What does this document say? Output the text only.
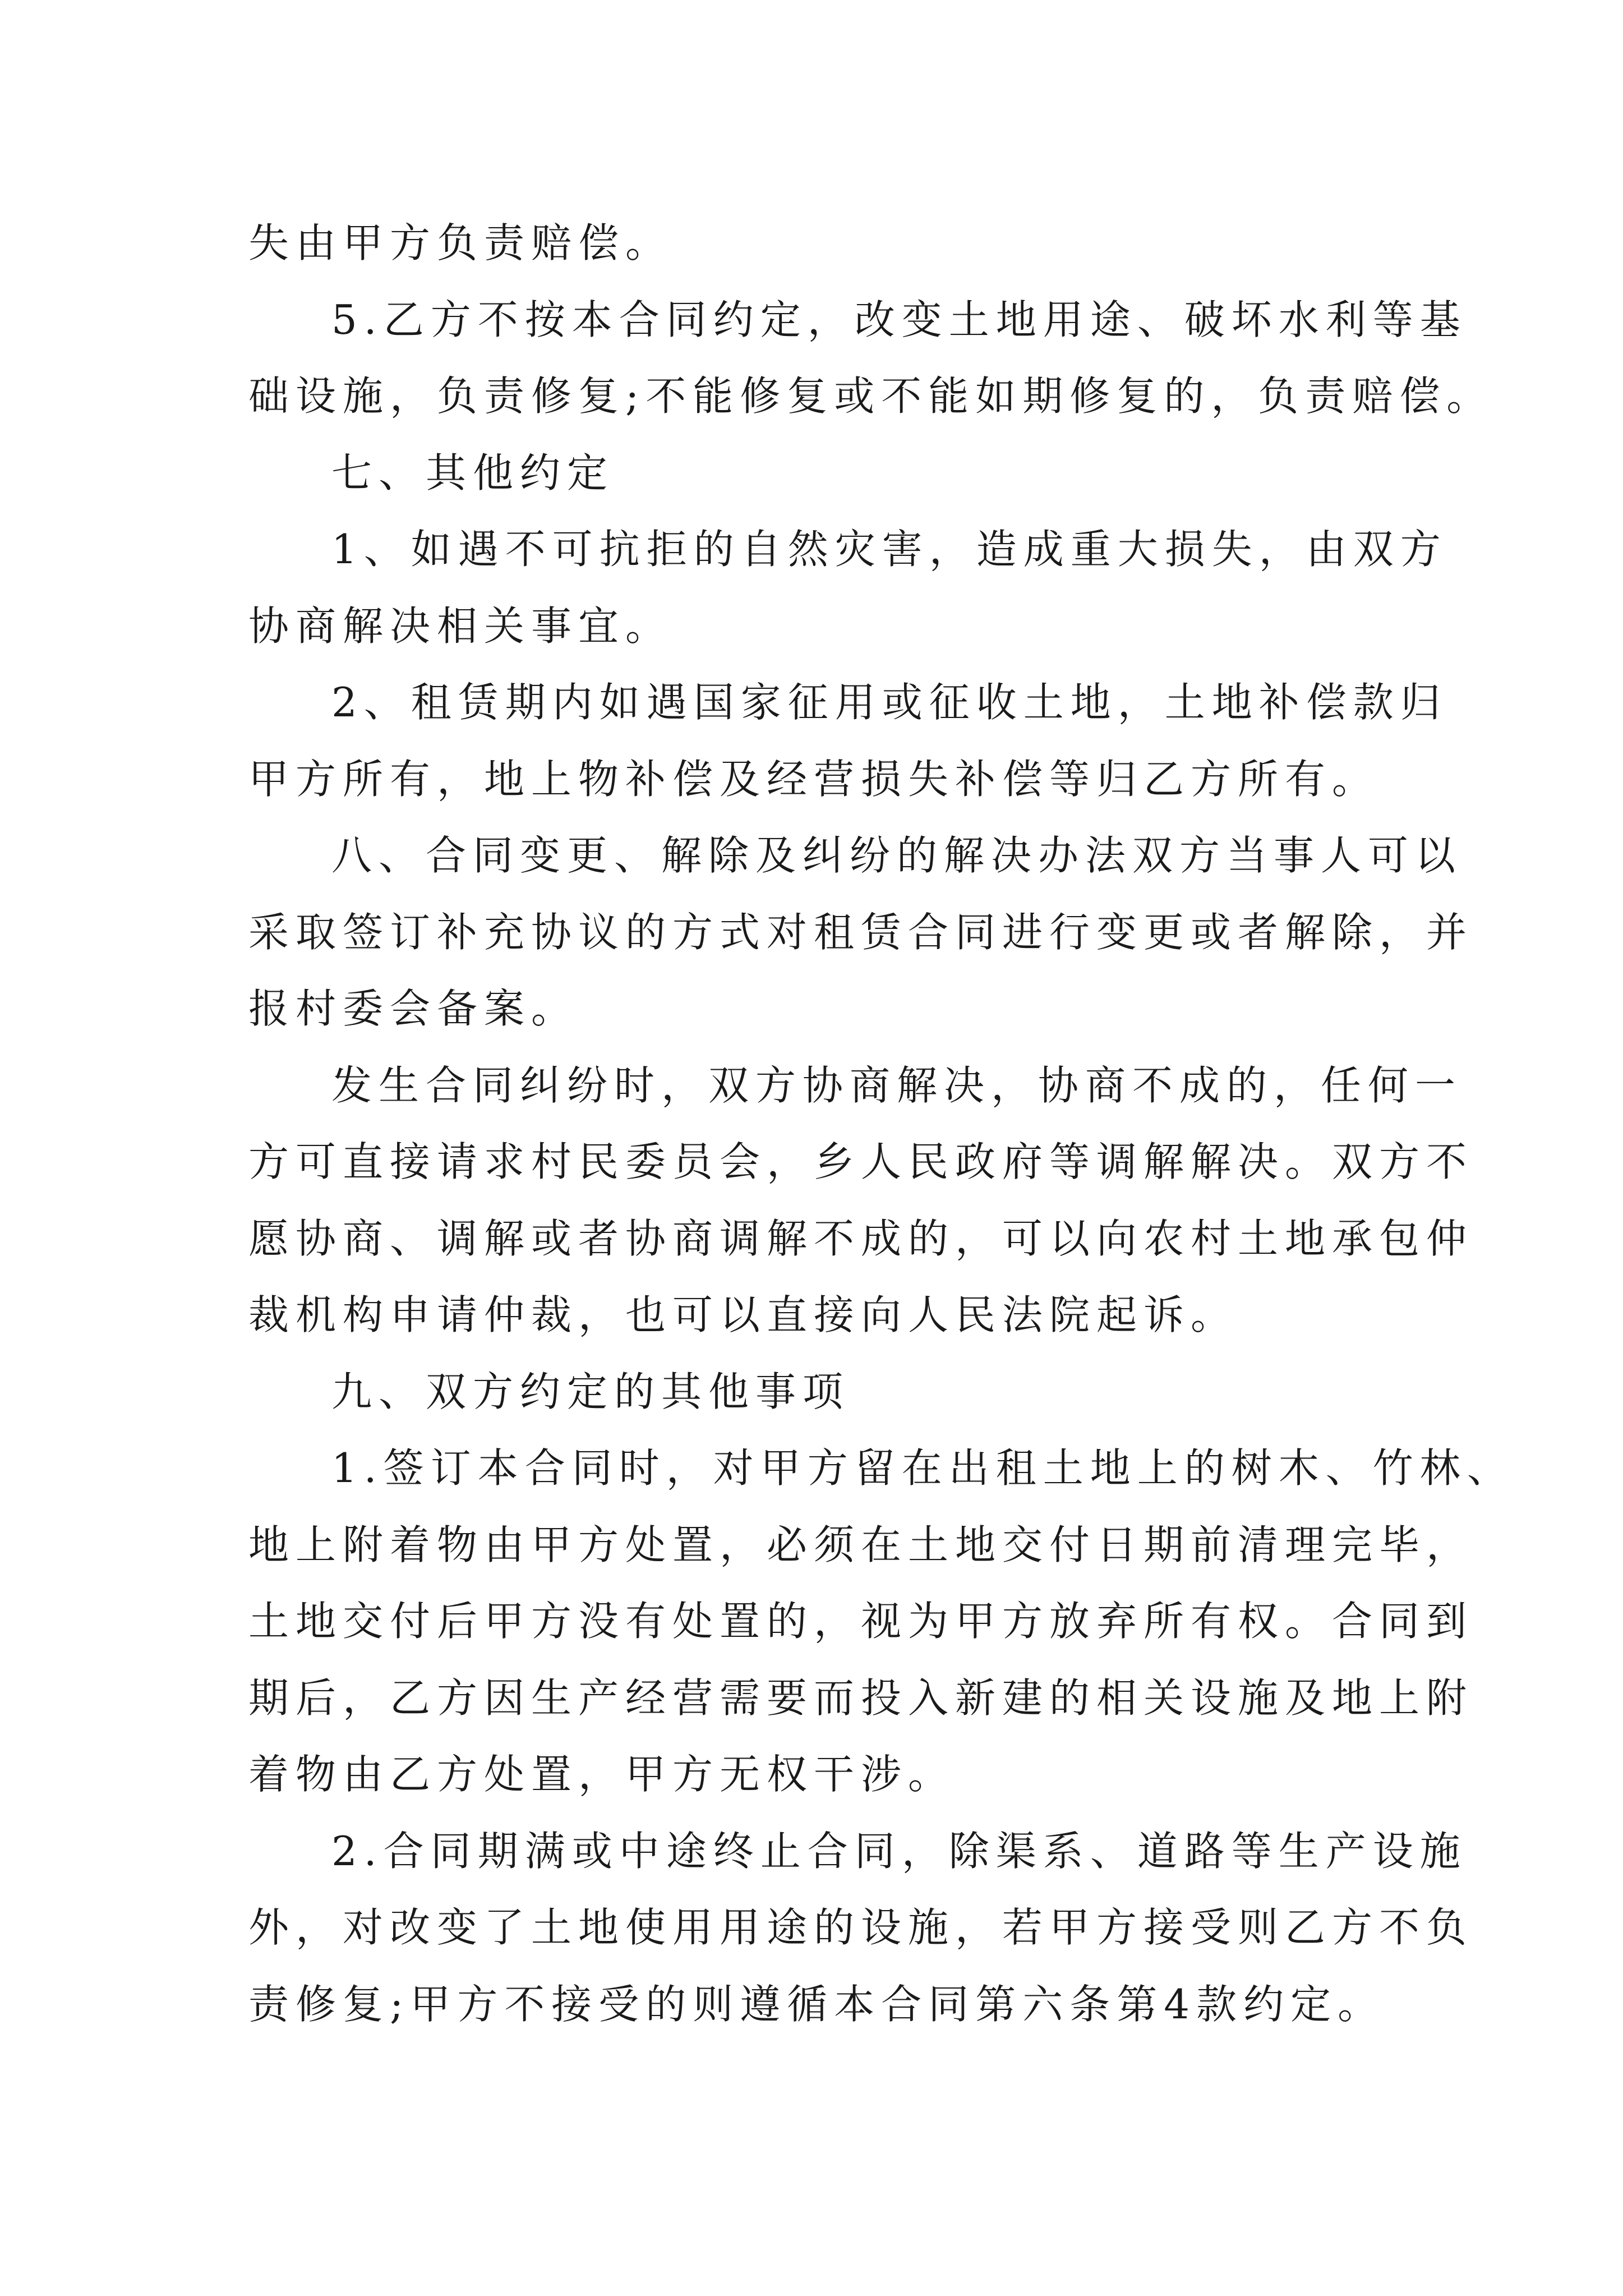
失由甲方负责赔偿。
5.乙方不按本合同约定，改变土地用途、破坏水利等基
础设施，负责修复;不能修复或不能如期修复的，负责赔偿。
七、其他约定
1、如遇不可抗拒的自然灾害，造成重大损失，由双方
协商解决相关事宜。
2、租赁期内如遇国家征用或征收土地，土地补偿款归
甲方所有，地上物补偿及经营损失补偿等归乙方所有。
八、合同变更、解除及纠纷的解决办法双方当事人可以
采取签订补充协议的方式对租赁合同进行变更或者解除，并
报村委会备案。
发生合同纠纷时，双方协商解决，协商不成的，任何一
方可直接请求村民委员会，乡人民政府等调解解决。双方不
愿协商、调解或者协商调解不成的，可以向农村土地承包仲
裁机构申请仲裁，也可以直接向人民法院起诉。
九、双方约定的其他事项
1.签订本合同时，对甲方留在出租土地上的树木、竹林、
地上附着物由甲方处置，必须在土地交付日期前清理完毕，
土地交付后甲方没有处置的，视为甲方放弃所有权。合同到
期后，乙方因生产经营需要而投入新建的相关设施及地上附
着物由乙方处置，甲方无权干涉。
2.合同期满或中途终止合同，除渠系、道路等生产设施
外，对改变了土地使用用途的设施，若甲方接受则乙方不负
责修复;甲方不接受的则遵循本合同第六条第4款约定。
